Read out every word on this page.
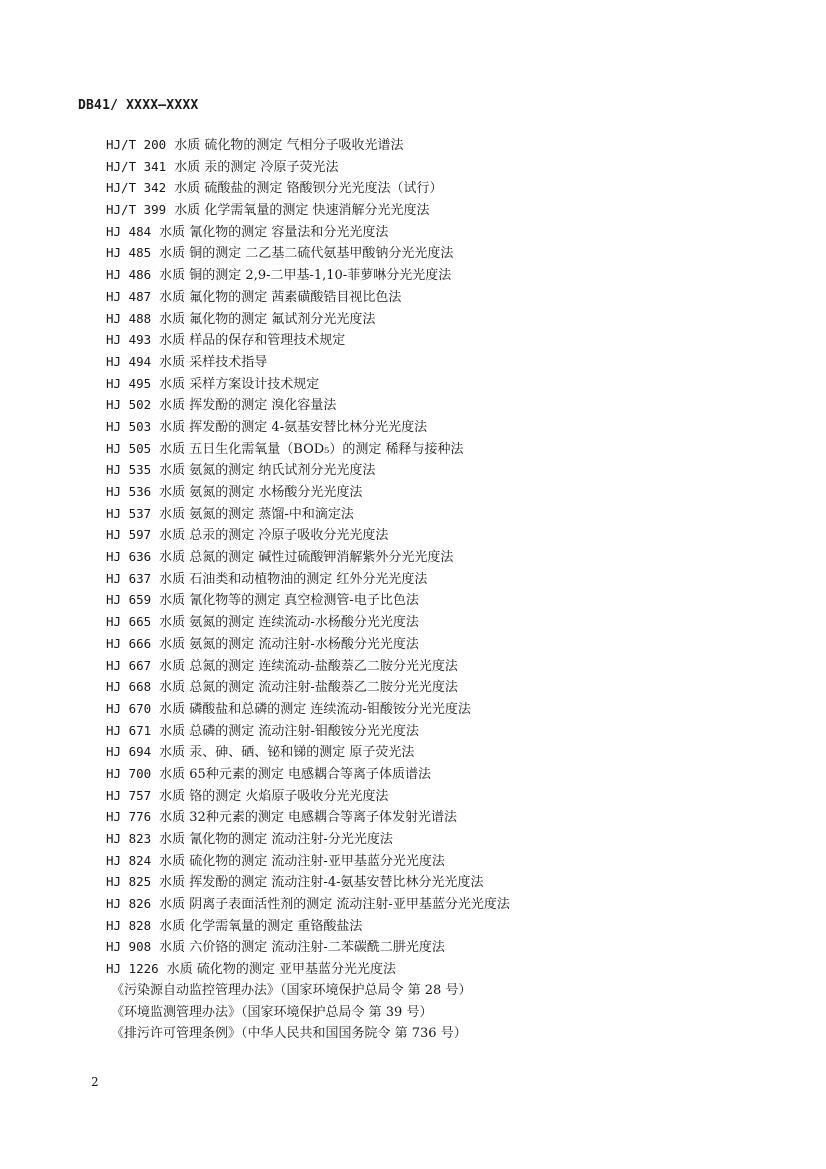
DB41/ XXXX—XXXX
HJ/T 200 水质 硫化物的测定 气相分子吸收光谱法
HJ/T 341 水质 汞的测定 冷原子荧光法
HJ/T 342 水质 硫酸盐的测定 铬酸钡分光光度法（试行）
HJ/T 399 水质 化学需氧量的测定 快速消解分光光度法
HJ 484 水质 氰化物的测定 容量法和分光光度法
HJ 485 水质 铜的测定 二乙基二硫代氨基甲酸钠分光光度法
HJ 486 水质 铜的测定 2,9-二甲基-1,10-菲萝啉分光光度法
HJ 487 水质 氟化物的测定 茜素磺酸锆目视比色法
HJ 488 水质 氟化物的测定 氟试剂分光光度法
HJ 493 水质 样品的保存和管理技术规定
HJ 494 水质 采样技术指导
HJ 495 水质 采样方案设计技术规定
HJ 502 水质 挥发酚的测定 溴化容量法
HJ 503 水质 挥发酚的测定 4-氨基安替比林分光光度法
HJ 505 水质 五日生化需氧量（BOD₅）的测定 稀释与接种法
HJ 535 水质 氨氮的测定 纳氏试剂分光光度法
HJ 536 水质 氨氮的测定 水杨酸分光光度法
HJ 537 水质 氨氮的测定 蒸馏-中和滴定法
HJ 597 水质 总汞的测定 冷原子吸收分光光度法
HJ 636 水质 总氮的测定 碱性过硫酸钾消解紫外分光光度法
HJ 637 水质 石油类和动植物油的测定 红外分光光度法
HJ 659 水质 氰化物等的测定 真空检测管-电子比色法
HJ 665 水质 氨氮的测定 连续流动-水杨酸分光光度法
HJ 666 水质 氨氮的测定 流动注射-水杨酸分光光度法
HJ 667 水质 总氮的测定 连续流动-盐酸萘乙二胺分光光度法
HJ 668 水质 总氮的测定 流动注射-盐酸萘乙二胺分光光度法
HJ 670 水质 磷酸盐和总磷的测定 连续流动-钼酸铵分光光度法
HJ 671 水质 总磷的测定 流动注射-钼酸铵分光光度法
HJ 694 水质 汞、砷、硒、铋和锑的测定 原子荧光法
HJ 700 水质 65种元素的测定 电感耦合等离子体质谱法
HJ 757 水质 铬的测定 火焰原子吸收分光光度法
HJ 776 水质 32种元素的测定 电感耦合等离子体发射光谱法
HJ 823 水质 氰化物的测定 流动注射-分光光度法
HJ 824 水质 硫化物的测定 流动注射-亚甲基蓝分光光度法
HJ 825 水质 挥发酚的测定 流动注射-4-氨基安替比林分光光度法
HJ 826 水质 阴离子表面活性剂的测定 流动注射-亚甲基蓝分光光度法
HJ 828 水质 化学需氧量的测定 重铬酸盐法
HJ 908 水质 六价铬的测定 流动注射-二苯碳酰二肼光度法
HJ 1226 水质 硫化物的测定 亚甲基蓝分光光度法
《污染源自动监控管理办法》（国家环境保护总局令 第 28 号）
《环境监测管理办法》（国家环境保护总局令 第 39 号）
《排污许可管理条例》（中华人民共和国国务院令 第 736 号）
2
